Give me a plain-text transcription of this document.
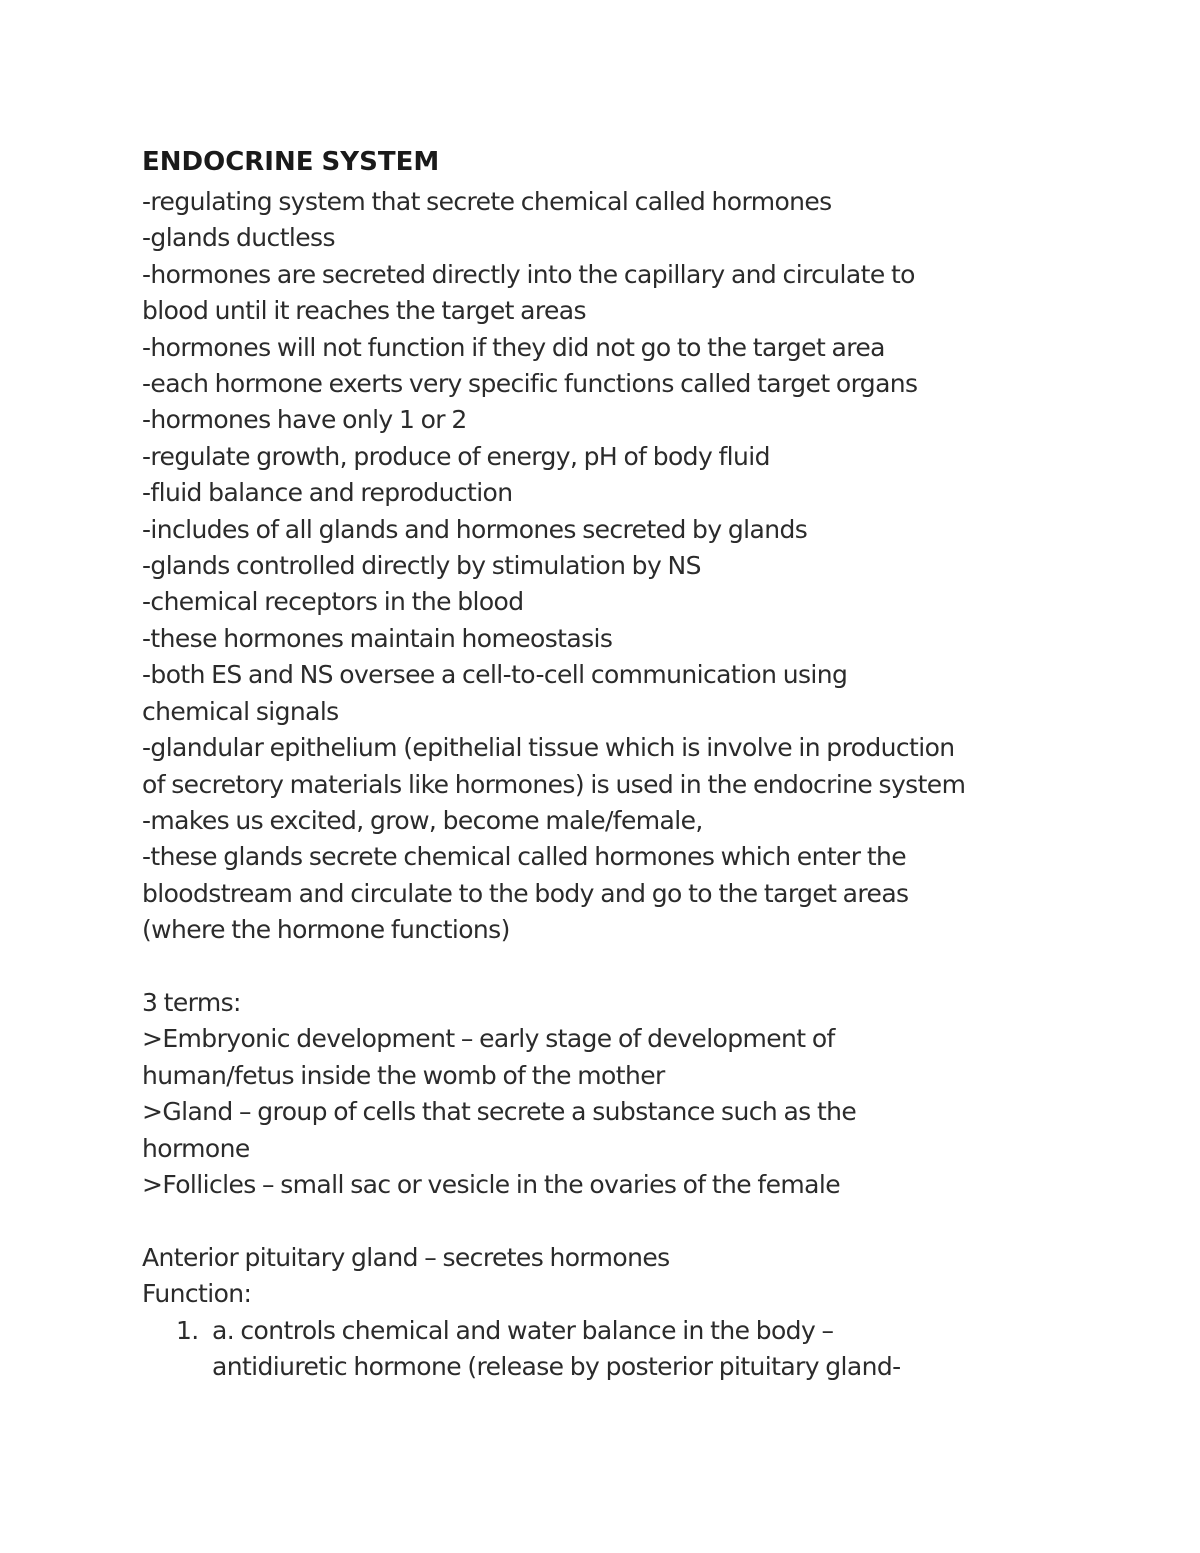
ENDOCRINE SYSTEM

-regulating system that secrete chemical called hormones

-glands ductless

-hormones are secreted directly into the capillary and circulate to

blood until it reaches the target areas

-hormones will not function if they did not go to the target area

-each hormone exerts very specific functions called target organs

-hormones have only 1 or 2

-regulate growth, produce of energy, pH of body fluid

-fluid balance and reproduction

-includes of all glands and hormones secreted by glands

-glands controlled directly by stimulation by NS

-chemical receptors in the blood

-these hormones maintain homeostasis

-both ES and NS oversee a cell-to-cell communication using

chemical signals

-glandular epithelium (epithelial tissue which is involve in production

of secretory materials like hormones) is used in the endocrine system

-makes us excited, grow, become male/female,

-these glands secrete chemical called hormones which enter the

bloodstream and circulate to the body and go to the target areas

(where the hormone functions)

3 terms:

>Embryonic development – early stage of development of

human/fetus inside the womb of the mother

>Gland – group of cells that secrete a substance such as the

hormone

>Follicles – small sac or vesicle in the ovaries of the female

Anterior pituitary gland – secretes hormones

Function:

1. a. controls chemical and water balance in the body –

antidiuretic hormone (release by posterior pituitary gland-
